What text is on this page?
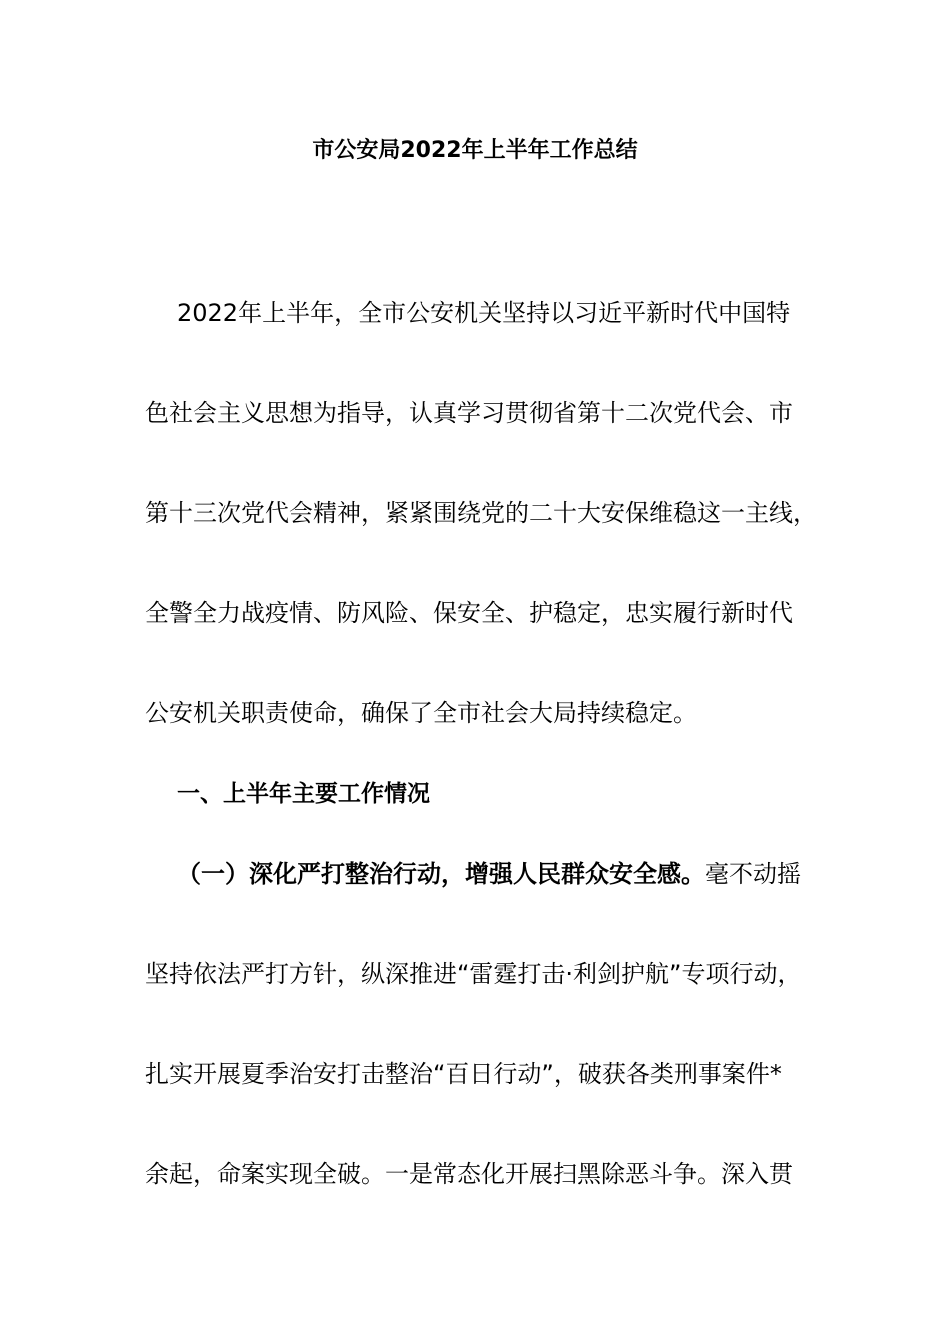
市公安局2022年上半年工作总结
2022年上半年，全市公安机关坚持以习近平新时代中国特
色社会主义思想为指导，认真学习贯彻省第十二次党代会、市
第十三次党代会精神，紧紧围绕党的二十大安保维稳这一主线，
全警全力战疫情、防风险、保安全、护稳定，忠实履行新时代
公安机关职责使命，确保了全市社会大局持续稳定。
一、上半年主要工作情况
（一）深化严打整治行动，增强人民群众安全感。毫不动摇
坚持依法严打方针，纵深推进“雷霆打击·利剑护航”专项行动，
扎实开展夏季治安打击整治“百日行动”，破获各类刑事案件*
余起，命案实现全破。一是常态化开展扫黑除恶斗争。深入贯
